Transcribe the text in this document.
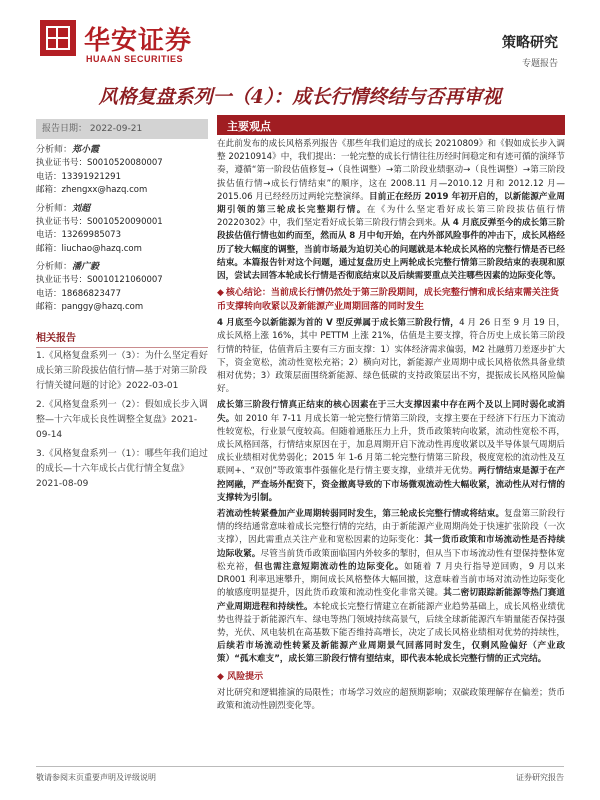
华安证券
HUAAN SECURITIES
策略研究
专题报告
风格复盘系列一（4）：成长行情终结与否再审视
报告日期： 2022-09-21
分析师：郑小霞
执业证书号：S0010520080007
电话：13391921291
邮箱：zhengxx@hazq.com
分析师：刘超
执业证书号：S0010520090001
电话：13269985073
邮箱：liuchao@hazq.com
分析师：潘广毅
执业证书号：S0010121060007
电话：18686823477
邮箱：panggy@hazq.com
相关报告
1.《风格复盘系列一（3）：为什么坚定看好成长第三阶段拔估值行情—基于对第三阶段行情关键问题的讨论》2022-03-01
2.《风格复盘系列一（2）：假如成长步入调整—十六年成长良性调整全复盘》2021-09-14
3.《风格复盘系列一（1）：哪些年我们追过的成长—十六年成长占优行情全复盘》2021-08-09
主要观点

在此前发布的成长风格系列报告《那些年我们追过的成长 20210809》和《假如成长步入调整 20210914》中，我们提出：一轮完整的成长行情往往历经时间稳定和有迹可循的演绎节奏，遵循“第一阶段估值修复→（良性调整）→第二阶段业绩驱动→（良性调整）→第三阶段拔估值行情→成长行情结束”的顺序，这在 2008.11 月—2010.12 月和 2012.12 月—2015.06 月已经经历过两轮完整演绎。目前正在经历 2019 年初开启的，以新能源产业周期引领的第三轮成长完整期行情。在《为什么坚定看好成长第三阶段拔估值行情 20220302》中，我们坚定看好成长第三阶段行情会到来。从 4 月底反弹至今的成长第三阶段拔估值行情也如约而至，然而从 8 月中旬开始，在内外部风险事件的冲击下，成长风格经历了较大幅度的调整，当前市场最为迫切关心的问题就是本轮成长风格的完整行情是否已经结束。本篇报告针对这个问题，通过复盘历史上两轮成长完整行情第三阶段结束的表现和原因，尝试去回答本轮成长行情是否彻底结束以及后续需要重点关注哪些因素的边际变化等。

◆ 核心结论：当前成长行情仍然处于第三阶段期间，成长完整行情和成长结束需关注货币支撑转向收紧以及新能源产业周期回落的同时发生

4 月底至今以新能源为首的 V 型反弹属于成长第三阶段行情，4 月 26 日至 9 月 19 日，成长风格上涨 16%，其中 PETTM 上涨 21%，估值是主要支撑，符合历史上成长第三阶段行情的特征，估值背后主要有三方面支撑：1）实体经济需求偏弱，M2 社融剪刀差逐步扩大下，资金宽松，流动性宽松充裕；2）横向对比，新能源产业周期中成长风格依然具备业绩相对优势；3）政策层面围绕新能源、绿色低碳的支持政策层出不穷，提振成长风格风险偏好。

成长第三阶段行情真正结束的核心因素在于三大支撑因素中存在两个及以上同时弱化或消失。如 2010 年 7-11 月成长第一轮完整行情第三阶段，支撑主要在于经济下行压力下流动性较宽松，行业景气度较高。但随着通胀压力上升，货币政策转向收紧，流动性宽松不再，成长风格回落，行情结束原因在于，加息周期开启下流动性再度收紧以及半导体景气周期后成长业绩相对优势弱化；2015 年 1-6 月第二轮完整行情第三阶段，极度宽松的流动性及互联网+、“双创”等政策事件强催化是行情主要支撑，业绩并无优势。两行情结束是源于在产控网融，严查场外配资下，资金撤离导致的下市场微观流动性大幅收紧，流动性从对行情的支撑转为引制。

若流动性转紧叠加产业周期转弱同时发生，第三轮成长完整行情或将结束。复盘第三阶段行情的终结通常意味着成长完整行情的完结，由于新能源产业周期尚处于快速扩张阶段（一次支撑），因此需重点关注产业和宽松因素的边际变化：其一货币政策和市场流动性是否持续边际收紧。尽管当前货币政策面临国内外较多的掣肘，但从当下市场流动性有望保持整体宽松充裕，但也需注意短期流动性的边际变化。如随着 7 月央行指导逆回购，9 月以来 DR001 利率迅速攀升，期间成长风格整体大幅回撤，这意味着当前市场对流动性边际变化的敏感度明显提升，因此货币政策和流动性变化非常关键。其二密切跟踪新能源等热门赛道产业周期进程和持续性。本轮成长完整行情建立在新能源产业趋势基础上，成长风格业绩优势也得益于新能源汽车、绿电等热门领域持续高景气，后续全球新能源汽车销量能否保持强势，光伏、风电装机在高基数下能否维持高增长，决定了成长风格业绩相对优势的持续性，后续若市场流动性转紧及新能源产业周期景气回落同时发生，仅剩风险偏好（产业政策）“孤木难支”，成长第三阶段行情有望结束，即代表本轮成长完整行情的正式完结。

◆ 风险提示

对比研究和逻辑推演的局限性；市场学习效应的超预期影响；双碳政策理解存在偏差；货币政策和流动性剧烈变化等。

敬请参阅末页重要声明及评级说明	证券研究报告
